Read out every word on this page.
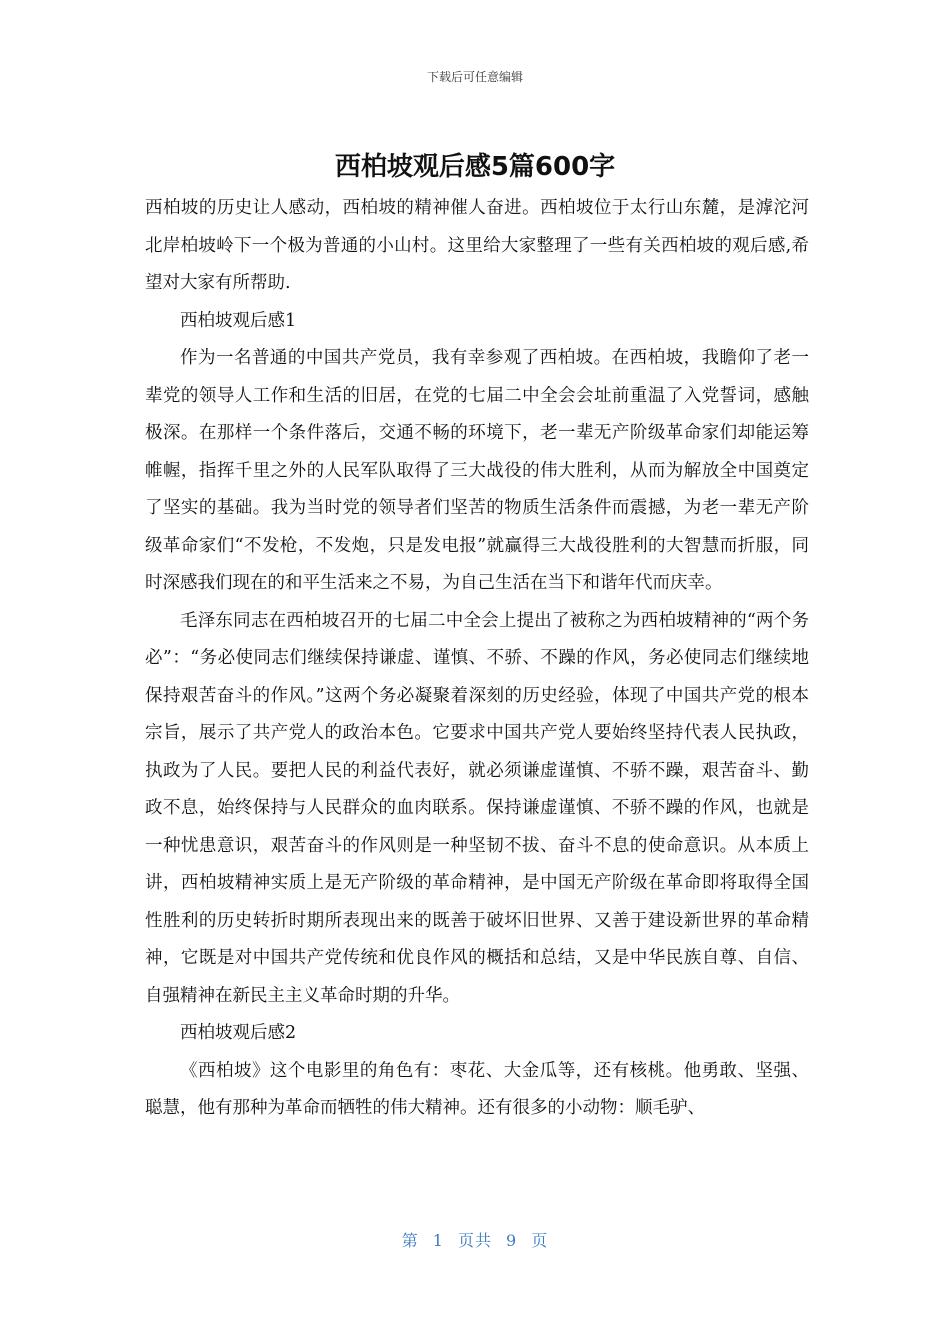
下载后可任意编辑
西柏坡观后感5篇600字

西柏坡的历史让人感动，西柏坡的精神催人奋进。西柏坡位于太行山东麓，是滹沱河北岸柏坡岭下一个极为普通的小山村。这里给大家整理了一些有关西柏坡的观后感,希望对大家有所帮助.

西柏坡观后感1

作为一名普通的中国共产党员，我有幸参观了西柏坡。在西柏坡，我瞻仰了老一辈党的领导人工作和生活的旧居，在党的七届二中全会会址前重温了入党誓词，感触极深。在那样一个条件落后，交通不畅的环境下，老一辈无产阶级革命家们却能运筹帷幄，指挥千里之外的人民军队取得了三大战役的伟大胜利，从而为解放全中国奠定了坚实的基础。我为当时党的领导者们坚苦的物质生活条件而震撼，为老一辈无产阶级革命家们“不发枪，不发炮，只是发电报”就赢得三大战役胜利的大智慧而折服，同时深感我们现在的和平生活来之不易，为自己生活在当下和谐年代而庆幸。

毛泽东同志在西柏坡召开的七届二中全会上提出了被称之为西柏坡精神的“两个务必”：“务必使同志们继续保持谦虚、谨慎、不骄、不躁的作风，务必使同志们继续地保持艰苦奋斗的作风。”这两个务必凝聚着深刻的历史经验，体现了中国共产党的根本宗旨，展示了共产党人的政治本色。它要求中国共产党人要始终坚持代表人民执政，执政为了人民。要把人民的利益代表好，就必须谦虚谨慎、不骄不躁，艰苦奋斗、勤政不息，始终保持与人民群众的血肉联系。保持谦虚谨慎、不骄不躁的作风，也就是一种忧患意识，艰苦奋斗的作风则是一种坚韧不拔、奋斗不息的使命意识。从本质上讲，西柏坡精神实质上是无产阶级的革命精神，是中国无产阶级在革命即将取得全国性胜利的历史转折时期所表现出来的既善于破坏旧世界、又善于建设新世界的革命精神，它既是对中国共产党传统和优良作风的概括和总结，又是中华民族自尊、自信、自强精神在新民主主义革命时期的升华。

西柏坡观后感2

《西柏坡》这个电影里的角色有：枣花、大金瓜等，还有核桃。他勇敢、坚强、聪慧，他有那种为革命而牺牲的伟大精神。还有很多的小动物：顺毛驴、

第 1 页共 9 页
